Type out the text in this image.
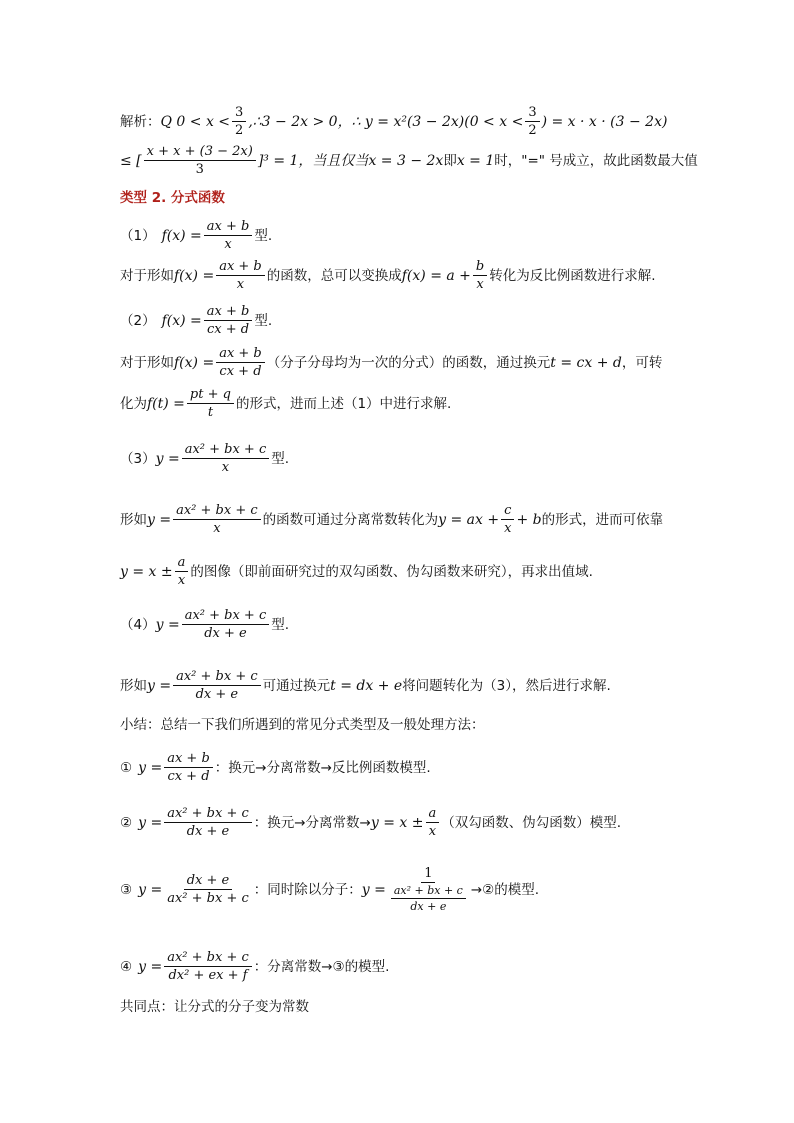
解析： Q $0 < x < \frac{3}{2}$ ,∴3 − 2x > 0，∴ $y = x^2(3 - 2x)(0 < x < \frac{3}{2}$ ) = x · x · (3 − 2x)
≤ [ $\frac{x + x + (3 - 2x)}{3} ]^3 = 1$，当且仅当 x = 3 − 2x 即 x = 1 时，"=" 号成立，故此函数最大值
类型 2. 分式函数
（1） $f(x) = \frac{ax + b}{x}$ 型.
对于形如 $f(x) = \frac{ax + b}{x}$ 的函数，总可以变换成 $f(x) = a + \frac{b}{x}$ 转化为反比例函数进行求解.
（2） $f(x) = \frac{ax + b}{cx + d}$ 型.
对于形如 $f(x) = \frac{ax + b}{cx + d}$ （分子分母均为一次的分式）的函数，通过换元 t = cx + d ，可转
化为 $f(t) = \frac{pt + q}{t}$ 的形式，进而上述（1）中进行求解.
（3） $y = \frac{\text{ax² + bx + c}}{x}$ 型.
形如 $y = \frac{\text{ax² + bx + c}}{x}$ 的函数可通过分离常数转化为 y = ax + $\frac{c}{x} + b$ 的形式，进而可依靠
$y = x \pm \frac{a}{x}$ 的图像（即前面研究过的双勾函数、伪勾函数来研究），再求出值域.
（4） $y = \frac{\text{ax² + bx + c}}{dx + e}$ 型.
形如 $y = \frac{\text{ax² + bx + c}}{dx + e}$ 可通过换元 t = dx + e 将问题转化为（3），然后进行求解.
小结：总结一下我们所遇到的常见分式类型及一般处理方法：
① $y = \frac{ax + b}{cx + d}$ ：换元→分离常数→反比例函数模型.
② $y = \frac{\text{ax² + bx + c}}{dx + e}$ ：换元→分离常数→ $y = x \pm \frac{a}{x}$ （双勾函数、伪勾函数）模型.
③ $y = \frac{dx + e}{\text{ax² + bx + c}}$ ：同时除以分子： $y = \frac{1}{\frac{\text{ax² + bx + c}}{dx + e}}$ →②的模型.
④ $y = \frac{\text{ax² + bx + c}}{\text{dx² + ex + f}}$ ：分离常数→③的模型.
共同点：让分式的分子变为常数
